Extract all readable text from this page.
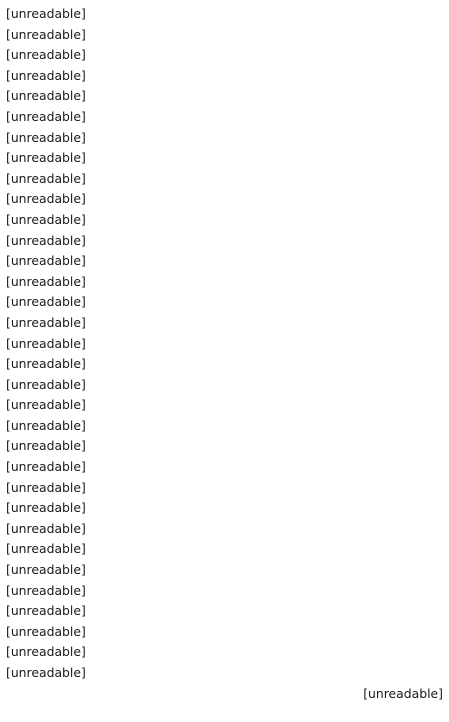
[unreadable]
[unreadable]
[unreadable]
[unreadable]
[unreadable]
[unreadable]
[unreadable]
[unreadable]
[unreadable]
[unreadable]
[unreadable]
[unreadable]
[unreadable]
[unreadable]
[unreadable]
[unreadable]
[unreadable]
[unreadable]
[unreadable]
[unreadable]
[unreadable]
[unreadable]
[unreadable]
[unreadable]
[unreadable]
[unreadable]
[unreadable]
[unreadable]
[unreadable]
[unreadable]
[unreadable]
[unreadable]
[unreadable]
[unreadable]
